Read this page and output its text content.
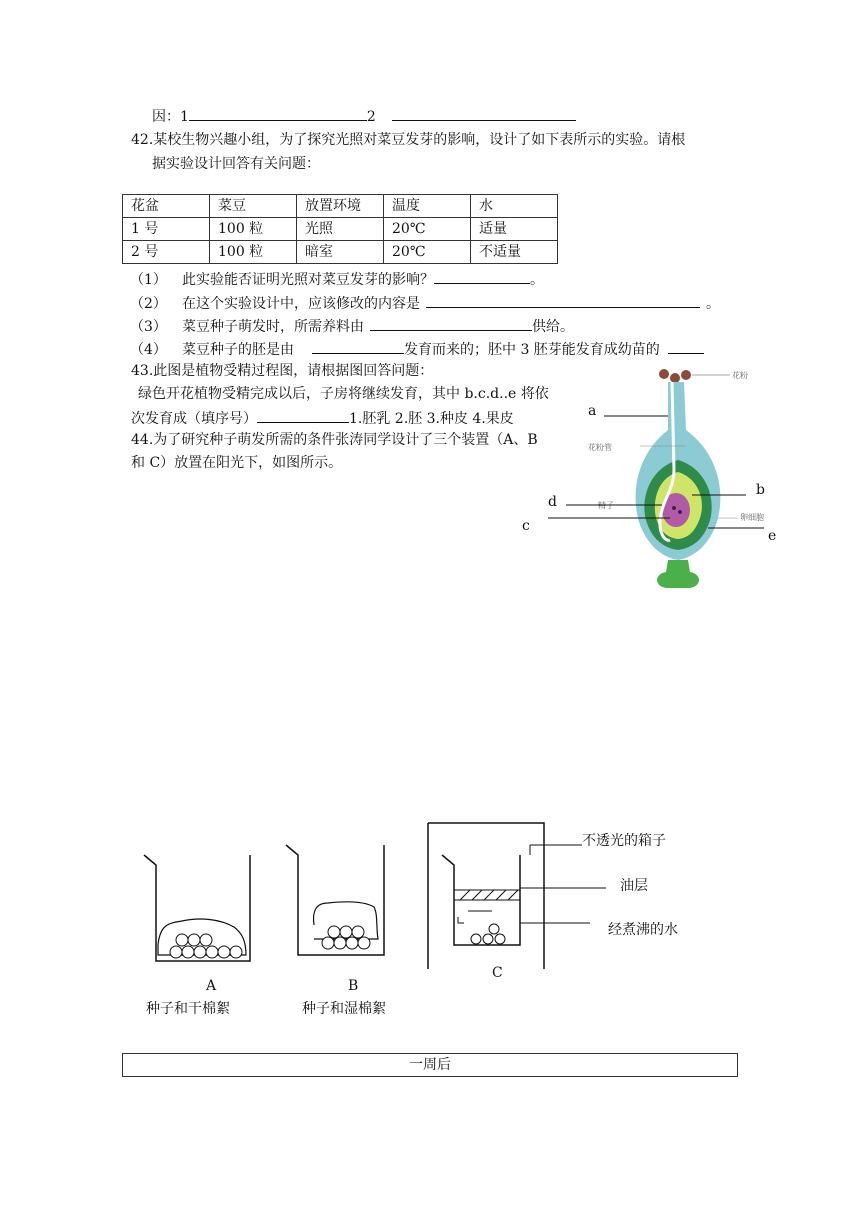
因：1	2
42.某校生物兴趣小组，为了探究光照对菜豆发芽的影响，设计了如下表所示的实验。请根
据实验设计回答有关问题：
花盆	菜豆	放置环境	温度	水
1 号	100 粒	光照	20℃	适量
2 号	100 粒	暗室	20℃	不适量
（1） 此实验能否证明光照对菜豆发芽的影响？	。
（2） 在这个实验设计中，应该修改的内容是	。
（3） 菜豆种子萌发时，所需养料由	供给。
（4） 菜豆种子的胚是由	发育而来的；胚中 3 胚芽能发育成幼苗的
43.此图是植物受精过程图，请根据图回答问题：
绿色开花植物受精完成以后，子房将继续发育，其中 b.c.d..e 将依
次发育成（填序号）	1.胚乳 2.胚 3.种皮 4.果皮
44.为了研究种子萌发所需的条件张涛同学设计了三个装置（A、B
和 C）放置在阳光下，如图所示。
花粉
花粉管
精子
卵细胞
a
b
d
c
e
A
种子和干棉絮
B
种子和湿棉絮
不透光的箱子
油层
经煮沸的水
C
一周后
